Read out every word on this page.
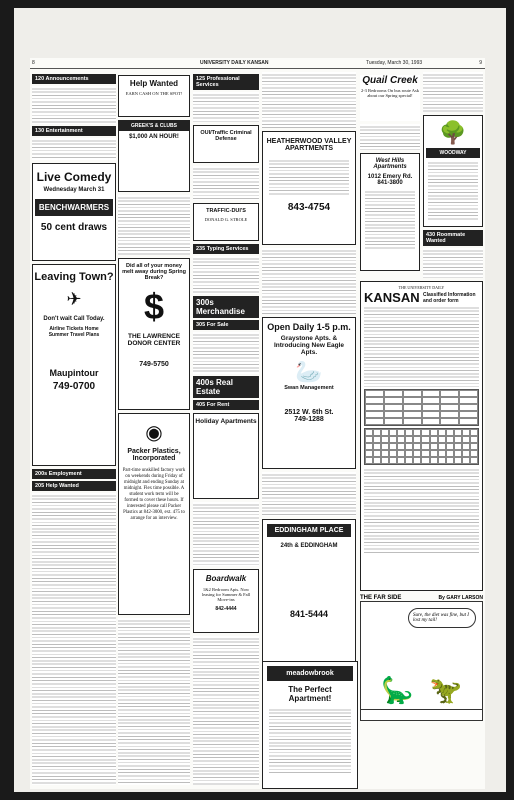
8	UNIVERSITY DAILY KANSAN	Tuesday, March 30, 1993	9
120 Announcements
130 Entertainment
Live Comedy
Wednesday March 31
BENCHWARMERS
50 cent draws
Leaving Town?
✈
Don't wait Call Today.
Airline Tickets Home
Summer Travel Plans
Maupintour
749-0700
200s Employment
205 Help Wanted
Help Wanted
EARN CASH ON THE SPOT!
GREEK'S & CLUBS
$1,000 AN HOUR!
Did all of your money melt away during Spring Break?
$
THE LAWRENCE DONOR CENTER
749-5750
◉
Packer Plastics, Incorporated
Part-time unskilled factory work on weekends during Friday of midnight and ending Sunday at midnight. Flex time possible. A student work term will be formed to cover these hours. If interested please call Packer Plastics at 842-3000, ext. 475 to arrange for an interview.
125 Professional Services
OUI/Traffic Criminal Defense
TRAFFIC-DUI'S
DONALD G. STROLE
235 Typing Services
300s Merchandise
305 For Sale
400s Real Estate
405 For Rent
Holiday Apartments
Boardwalk
1&2 Bedroom Apts. Now leasing for Summer & Fall Move-ins
842-4444
HEATHERWOOD VALLEY APARTMENTS
843-4754
Open Daily 1-5 p.m.
Graystone Apts. & Introducing New Eagle Apts.
🦢
Swan Management
2512 W. 6th St.
749-1288
EDDINGHAM PLACE
24th & EDDINGHAM
841-5444
Quail Creek
2-3 Bedrooms On bus route Ask about our Spring special!
West Hills Apartments
1012 Emery Rd.
841-3800
🌳
WOODWAY
430 Roommate Wanted
THE UNIVERSITY DAILY
KANSAN Classified Information and order form
THE FAR SIDE	By GARY LARSON
Sure, the diet was fine, but I lost my tail!
🦕 🦖
meadowbrook
The Perfect Apartment!
